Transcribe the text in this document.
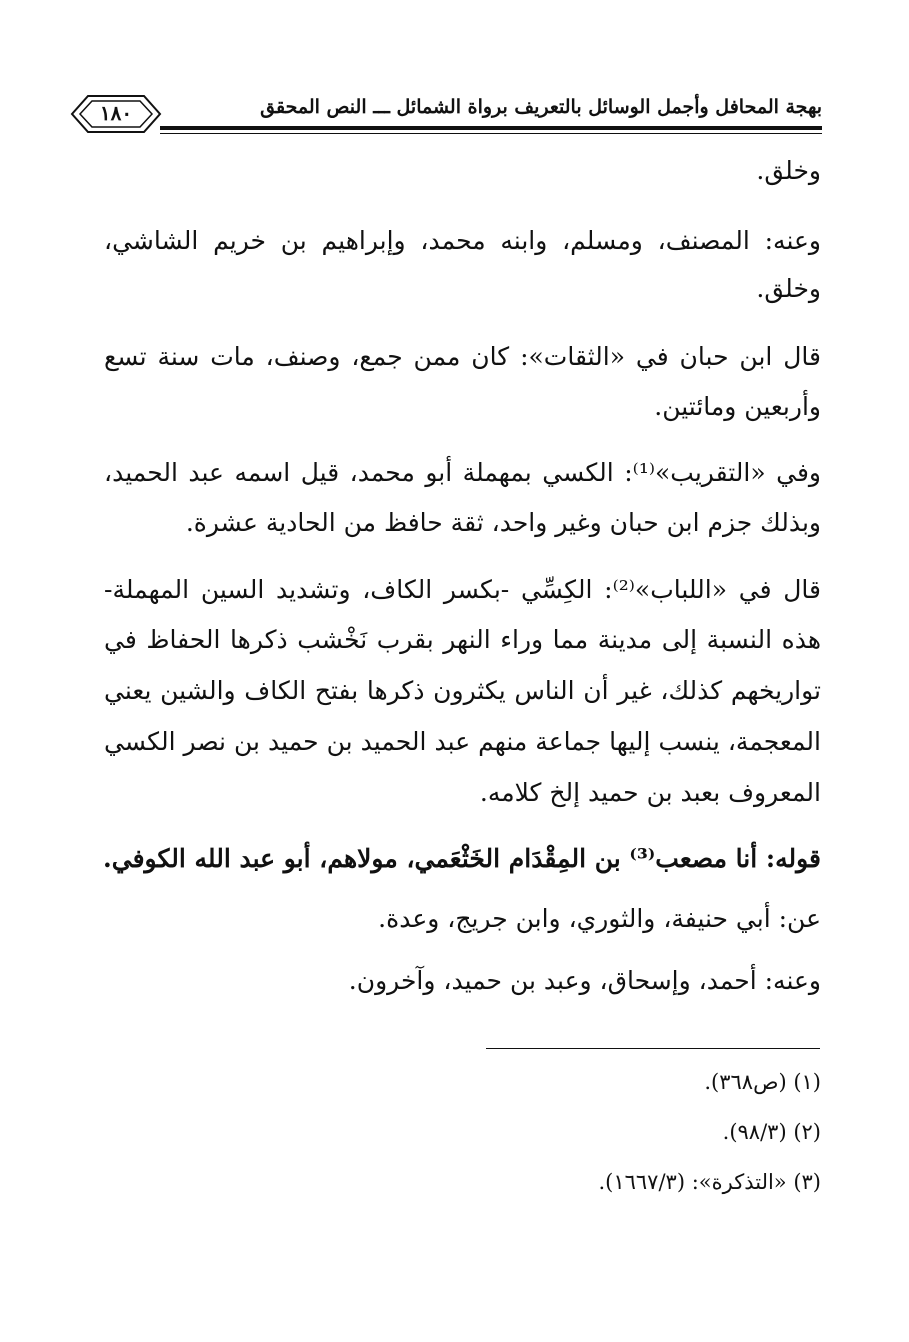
بهجة المحافل وأجمل الوسائل بالتعريف برواة الشمائل ـــ النص المحقق
١٨٠
وخلق.
وعنه: المصنف، ومسلم، وابنه محمد، وإبراهيم بن خريم الشاشي،
وخلق.
قال ابن حبان في «الثقات»: كان ممن جمع، وصنف، مات سنة تسع
وأربعين ومائتين.
وفي «التقريب»⁽¹⁾: الكسي بمهملة أبو محمد، قيل اسمه عبد الحميد،
وبذلك جزم ابن حبان وغير واحد، ثقة حافظ من الحادية عشرة.
قال في «اللباب»⁽²⁾: الكِسِّي -بكسر الكاف، وتشديد السين المهملة-
هذه النسبة إلى مدينة مما وراء النهر بقرب نَخْشب ذكرها الحفاظ في
تواريخهم كذلك، غير أن الناس يكثرون ذكرها بفتح الكاف والشين يعني
المعجمة، ينسب إليها جماعة منهم عبد الحميد بن حميد بن نصر الكسي
المعروف بعبد بن حميد إلخ كلامه.
قوله: أنا مصعب⁽³⁾ بن المِقْدَام الخَثْعَمي، مولاهم، أبو عبد الله الكوفي.
عن: أبي حنيفة، والثوري، وابن جريج، وعدة.
وعنه: أحمد، وإسحاق، وعبد بن حميد، وآخرون.
(١) (ص٣٦٨).
(٢) (٩٨/٣).
(٣) «التذكرة»: (١٦٦٧/٣).
